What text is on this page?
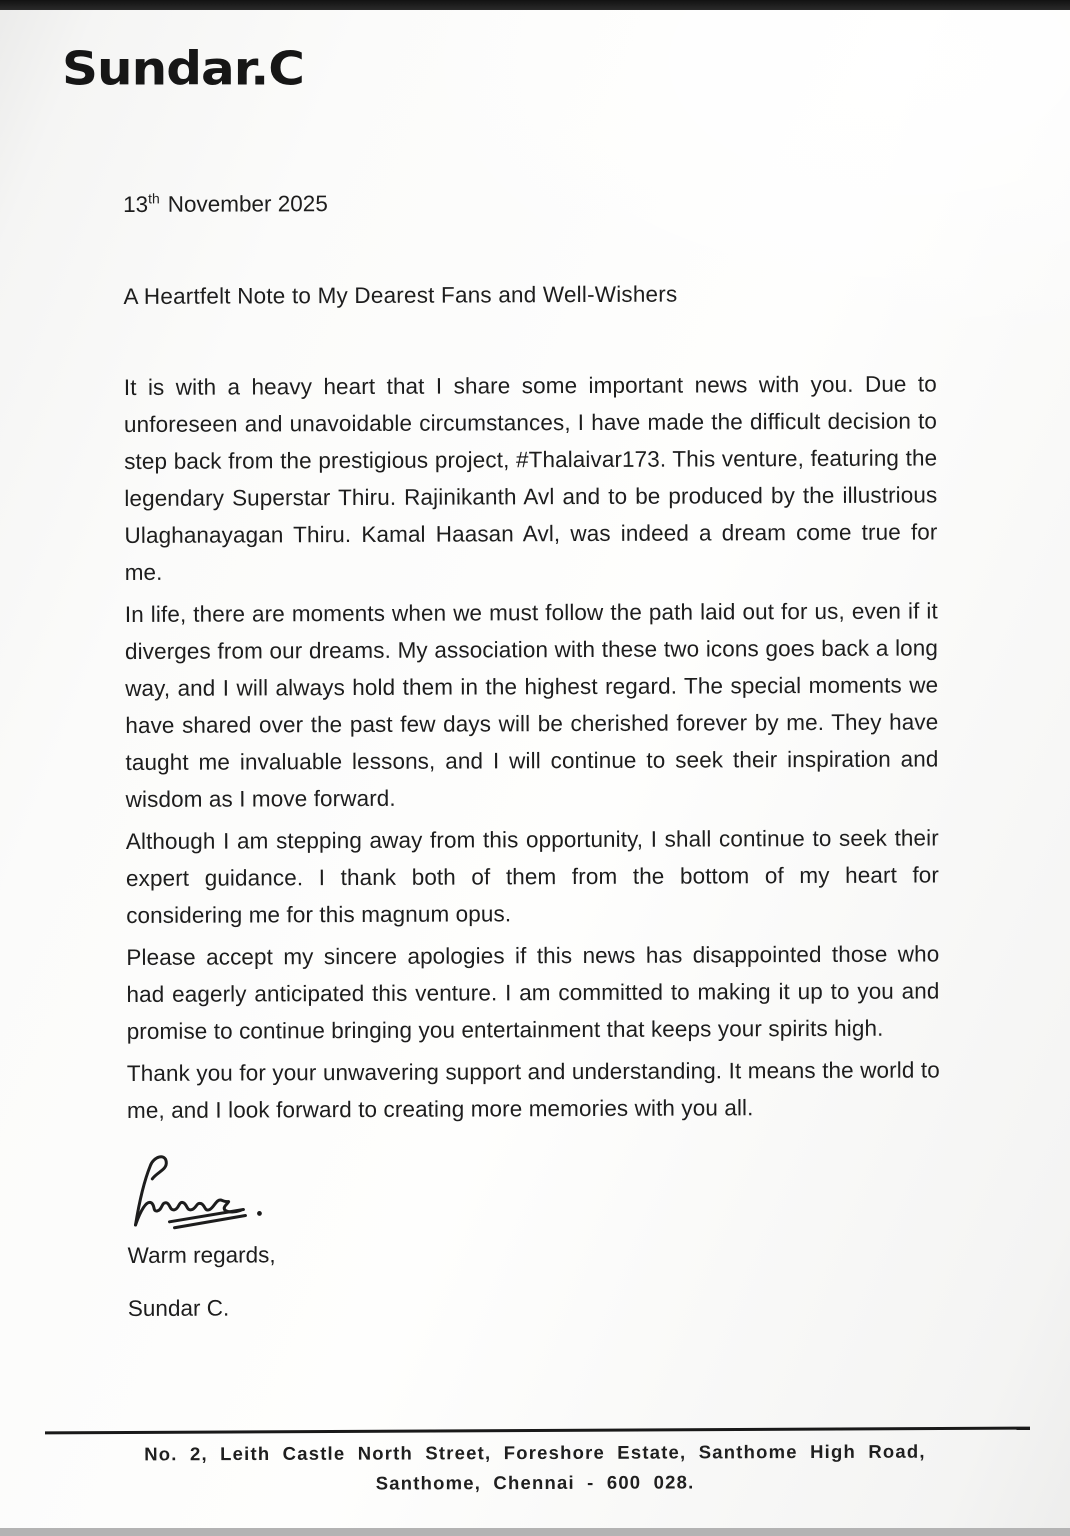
Sundar.C
13th November 2025
A Heartfelt Note to My Dearest Fans and Well-Wishers

It is with a heavy heart that I share some important news with you. Due to unforeseen and unavoidable circumstances, I have made the difficult decision to step back from the prestigious project, #Thalaivar173. This venture, featuring the legendary Superstar Thiru. Rajinikanth Avl and to be produced by the illustrious Ulaghanayagan Thiru. Kamal Haasan Avl, was indeed a dream come true for me.

In life, there are moments when we must follow the path laid out for us, even if it diverges from our dreams. My association with these two icons goes back a long way, and I will always hold them in the highest regard. The special moments we have shared over the past few days will be cherished forever by me. They have taught me invaluable lessons, and I will continue to seek their inspiration and wisdom as I move forward.

Although I am stepping away from this opportunity, I shall continue to seek their expert guidance. I thank both of them from the bottom of my heart for considering me for this magnum opus.

Please accept my sincere apologies if this news has disappointed those who had eagerly anticipated this venture. I am committed to making it up to you and promise to continue bringing you entertainment that keeps your spirits high.

Thank you for your unwavering support and understanding. It means the world to me, and I look forward to creating more memories with you all.

Warm regards,
Sundar C.
No. 2, Leith Castle North Street, Foreshore Estate, Santhome High Road,
Santhome, Chennai - 600 028.
